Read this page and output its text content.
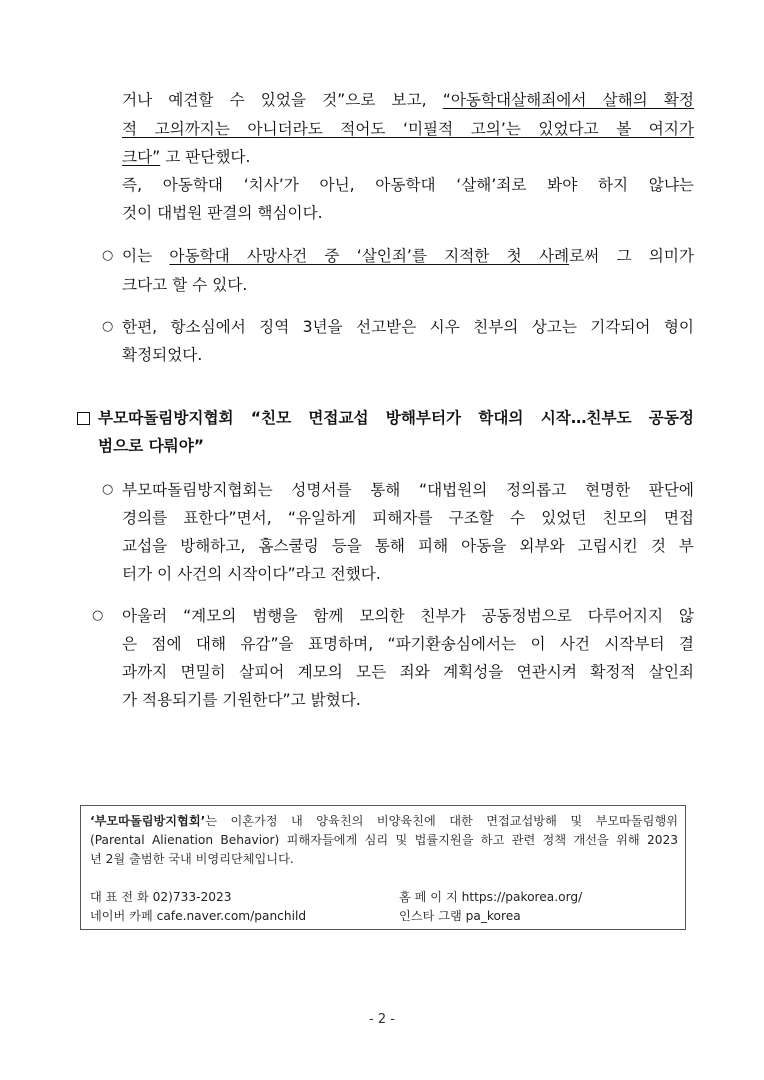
거나 예견할 수 있었을 것”으로 보고, “아동학대살해죄에서 살해의 확정
적 고의까지는 아니더라도 적어도 ‘미필적 고의’는 있었다고 볼 여지가
크다” 고 판단했다.
즉, 아동학대 ‘치사’가 아닌, 아동학대 ‘살해’죄로 봐야 하지 않냐는
것이 대법원 판결의 핵심이다.
○ 이는 아동학대 사망사건 중 ‘살인죄’를 지적한 첫 사례로써 그 의미가
크다고 할 수 있다.
○ 한편, 항소심에서 징역 3년을 선고받은 시우 친부의 상고는 기각되어 형이
확정되었다.
부모따돌림방지협회 “친모 면접교섭 방해부터가 학대의 시작…친부도 공동정
범으로 다뤄야”
○ 부모따돌림방지협회는 성명서를 통해 “대법원의 정의롭고 현명한 판단에
경의를 표한다”면서, “유일하게 피해자를 구조할 수 있었던 친모의 면접
교섭을 방해하고, 홈스쿨링 등을 통해 피해 아동을 외부와 고립시킨 것 부
터가 이 사건의 시작이다”라고 전했다.
○ 아울러 “계모의 범행을 함께 모의한 친부가 공동정범으로 다루어지지 않
은 점에 대해 유감”을 표명하며, “파기환송심에서는 이 사건 시작부터 결
과까지 면밀히 살피어 계모의 모든 죄와 계획성을 연관시켜 확정적 살인죄
가 적용되기를 기원한다”고 밝혔다.
‘부모따돌림방지협회’는 이혼가정 내 양육친의 비양육친에 대한 면접교섭방해 및 부모따돌림행위
(Parental Alienation Behavior) 피해자들에게 심리 및 법률지원을 하고 관련 정책 개선을 위해 2023
년 2월 출범한 국내 비영리단체입니다.
대 표 전 화 02)733-2023	홈 페 이 지 https://pakorea.org/
네이버 카페 cafe.naver.com/panchild	인스타 그램 pa_korea
- 2 -
